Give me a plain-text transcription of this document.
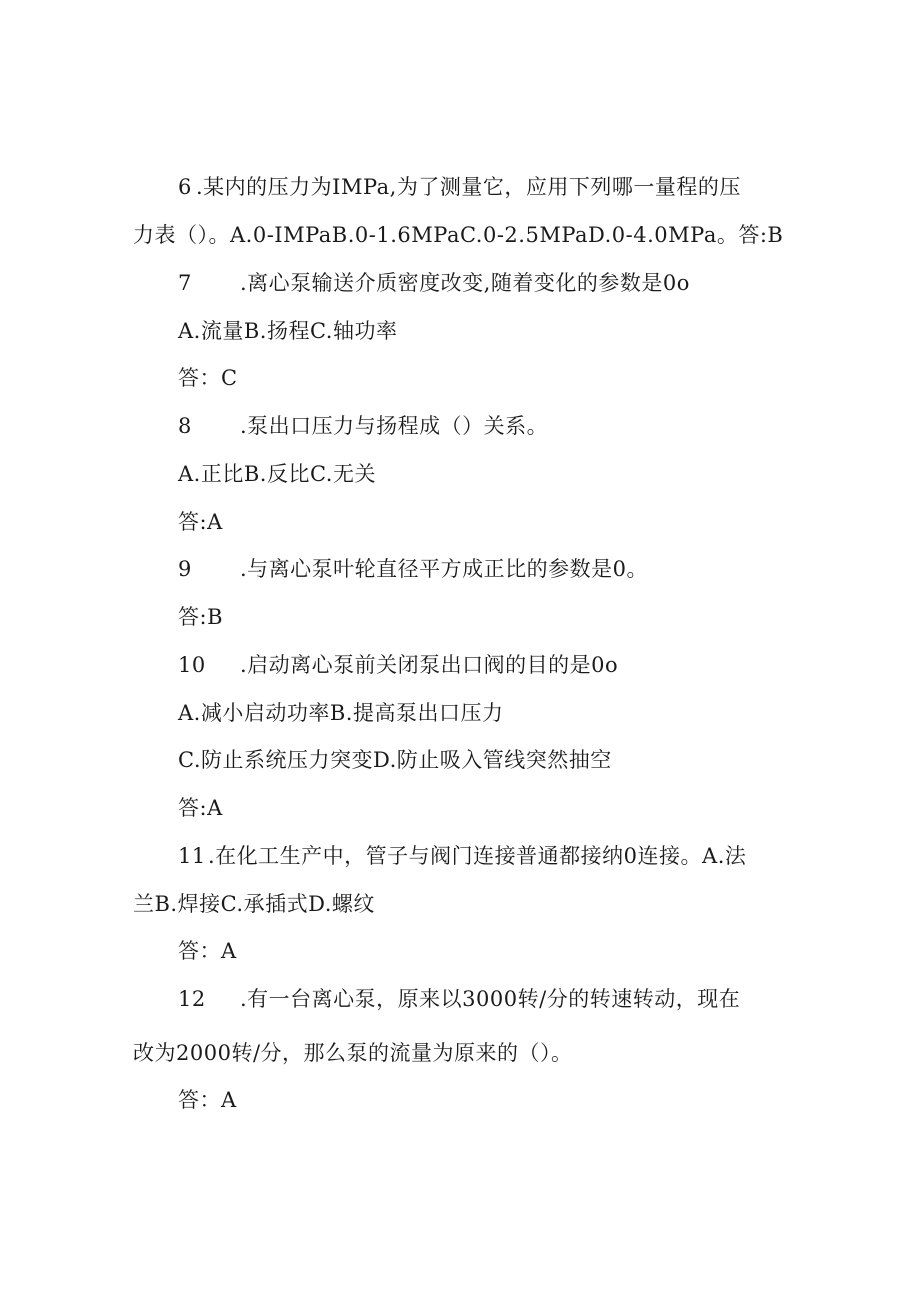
6 .某内的压力为IMPa,为了测量它，应用下列哪一量程的压
力表（）。A.0-IMPaB.0-1.6MPaC.0-2.5MPaD.0-4.0MPa。答:B
7 .离心泵输送介质密度改变,随着变化的参数是0o
A.流量B.扬程C.轴功率
答：C
8 .泵出口压力与扬程成（）关系。
A.正比B.反比C.无关
答:A
9 .与离心泵叶轮直径平方成正比的参数是0。
答:B
10 .启动离心泵前关闭泵出口阀的目的是0o
A.减小启动功率B.提高泵出口压力
C.防止系统压力突变D.防止吸入管线突然抽空
答:A
11 .在化工生产中，管子与阀门连接普通都接纳0连接。A.法
兰B.焊接C.承插式D.螺纹
答：A
12 .有一台离心泵，原来以3000转/分的转速转动，现在
改为2000转/分，那么泵的流量为原来的（）。
答：A
